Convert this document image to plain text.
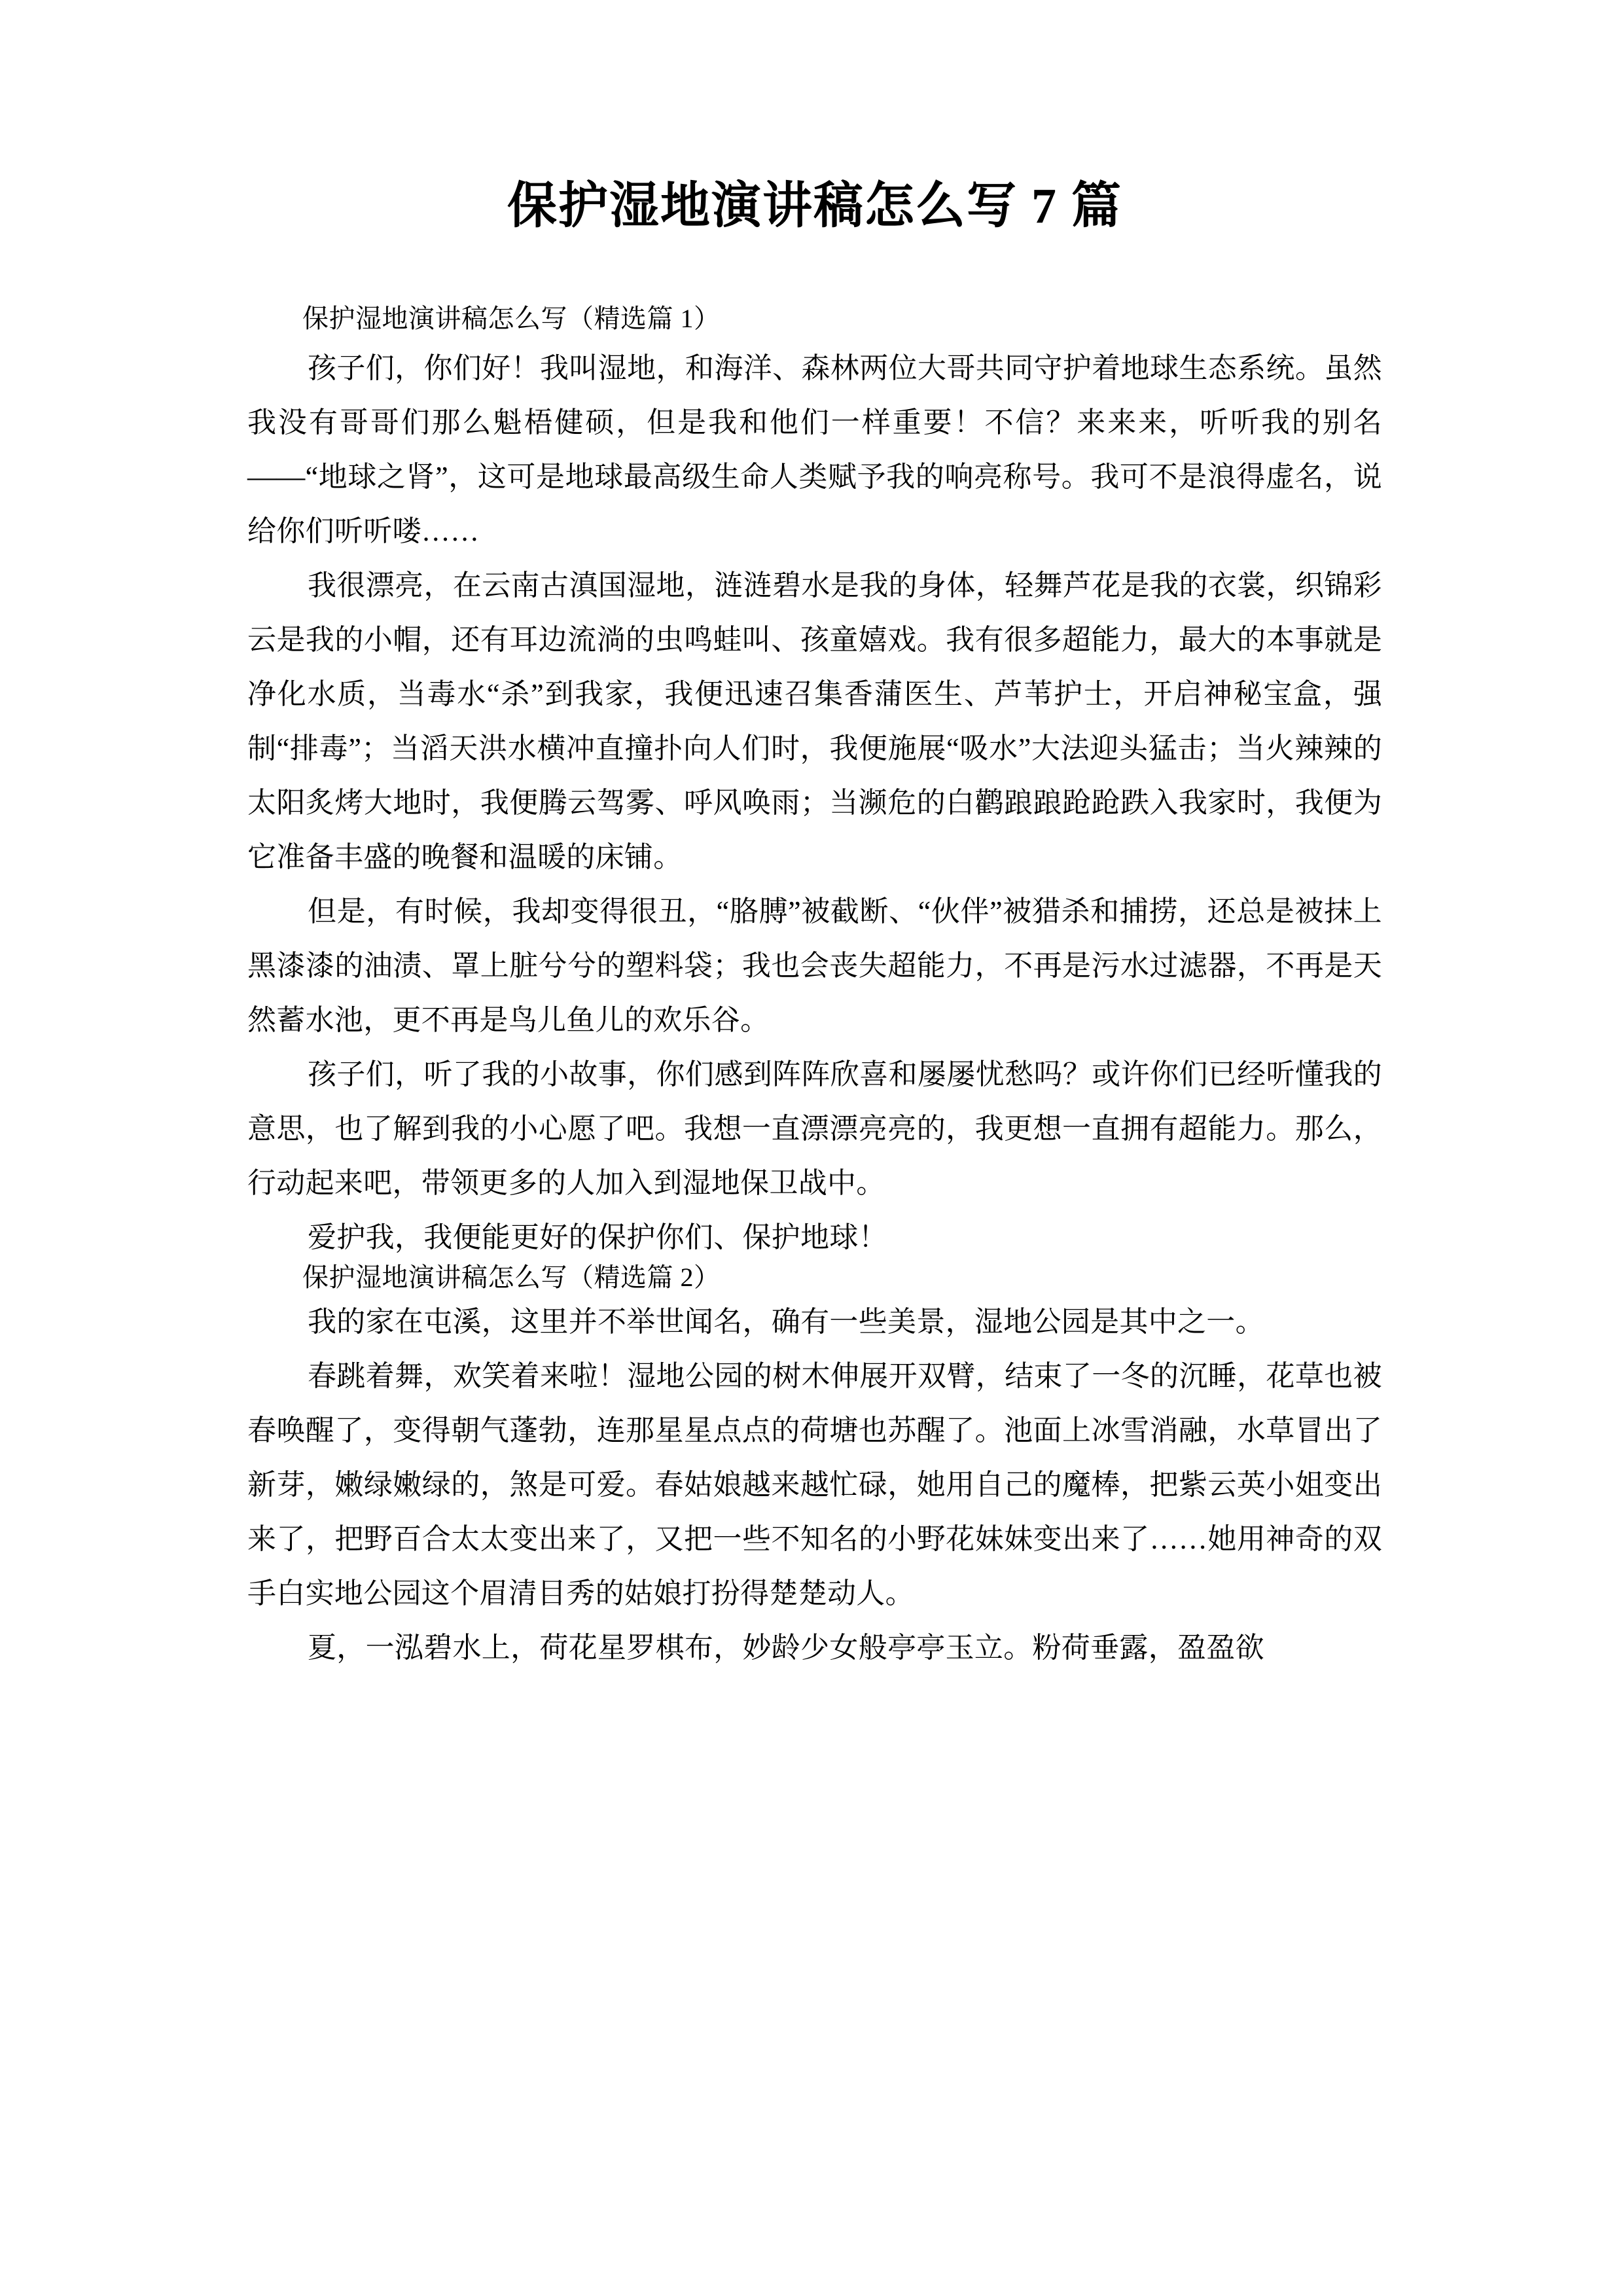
保护湿地演讲稿怎么写 7 篇
保护湿地演讲稿怎么写（精选篇 1）

孩子们，你们好！我叫湿地，和海洋、森林两位大哥共同守护着地球生态系统。虽然我没有哥哥们那么魁梧健硕，但是我和他们一样重要！不信？来来来，听听我的别名——“地球之肾”，这可是地球最高级生命人类赋予我的响亮称号。我可不是浪得虚名，说给你们听听喽……

我很漂亮，在云南古滇国湿地，涟涟碧水是我的身体，轻舞芦花是我的衣裳，织锦彩云是我的小帽，还有耳边流淌的虫鸣蛙叫、孩童嬉戏。我有很多超能力，最大的本事就是净化水质，当毒水“杀”到我家，我便迅速召集香蒲医生、芦苇护士，开启神秘宝盒，强制“排毒”；当滔天洪水横冲直撞扑向人们时，我便施展“吸水”大法迎头猛击；当火辣辣的太阳炙烤大地时，我便腾云驾雾、呼风唤雨；当濒危的白鹳踉踉跄跄跌入我家时，我便为它准备丰盛的晚餐和温暖的床铺。

但是，有时候，我却变得很丑，“胳膊”被截断、“伙伴”被猎杀和捕捞，还总是被抹上黑漆漆的油渍、罩上脏兮兮的塑料袋；我也会丧失超能力，不再是污水过滤器，不再是天然蓄水池，更不再是鸟儿鱼儿的欢乐谷。

孩子们，听了我的小故事，你们感到阵阵欣喜和屡屡忧愁吗？或许你们已经听懂我的意思，也了解到我的小心愿了吧。我想一直漂漂亮亮的，我更想一直拥有超能力。那么，行动起来吧，带领更多的人加入到湿地保卫战中。

爱护我，我便能更好的保护你们、保护地球！

保护湿地演讲稿怎么写（精选篇 2）

我的家在屯溪，这里并不举世闻名，确有一些美景，湿地公园是其中之一。

春跳着舞，欢笑着来啦！湿地公园的树木伸展开双臂，结束了一冬的沉睡，花草也被春唤醒了，变得朝气蓬勃，连那星星点点的荷塘也苏醒了。池面上冰雪消融，水草冒出了新芽，嫩绿嫩绿的，煞是可爱。春姑娘越来越忙碌，她用自己的魔棒，把紫云英小姐变出来了，把野百合太太变出来了，又把一些不知名的小野花妹妹变出来了……她用神奇的双手白实地公园这个眉清目秀的姑娘打扮得楚楚动人。

夏，一泓碧水上，荷花星罗棋布，妙龄少女般亭亭玉立。粉荷垂露，盈盈欲
